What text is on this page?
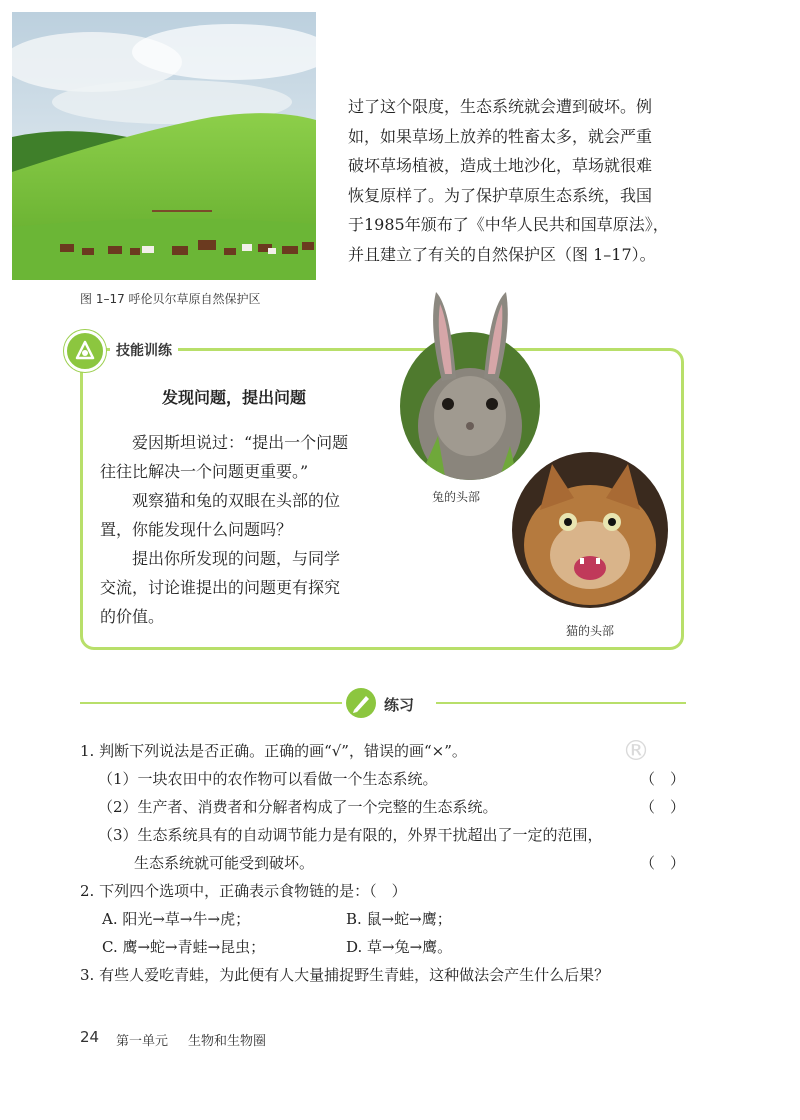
图 1–17 呼伦贝尔草原自然保护区
过了这个限度，生态系统就会遭到破坏。例
如，如果草场上放养的牲畜太多，就会严重
破坏草场植被，造成土地沙化，草场就很难
恢复原样了。为了保护草原生态系统，我国
于1985年颁布了《中华人民共和国草原法》，
并且建立了有关的自然保护区（图 1–17）。
技能训练
发现问题，提出问题
　　爱因斯坦说过：“提出一个问题
往往比解决一个问题更重要。”
　　观察猫和兔的双眼在头部的位
置，你能发现什么问题吗？
　　提出你所发现的问题，与同学
交流，讨论谁提出的问题更有探究
的价值。
兔的头部
猫的头部
练习
®
1. 判断下列说法是否正确。正确的画“√”，错误的画“×”。
（1）一块农田中的农作物可以看做一个生态系统。	（　）
（2）生产者、消费者和分解者构成了一个完整的生态系统。	（　）
（3）生态系统具有的自动调节能力是有限的，外界干扰超出了一定的范围，
生态系统就可能受到破坏。	（　）
2. 下列四个选项中，正确表示食物链的是：（　）
A. 阳光→草→牛→虎；	B. 鼠→蛇→鹰；
C. 鹰→蛇→青蛙→昆虫；	D. 草→兔→鹰。
3. 有些人爱吃青蛙，为此便有人大量捕捉野生青蛙，这种做法会产生什么后果？
24 第一单元 生物和生物圈
